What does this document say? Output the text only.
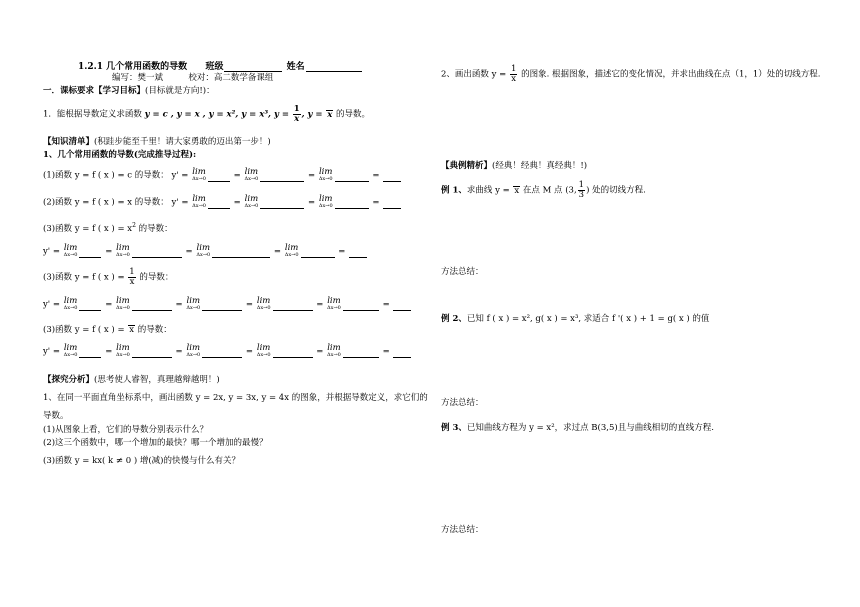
1.2.1 几个常用函数的导数 班级	姓名
编写：樊一斌	校对：高二数学备课组
一．课标要求【学习目标】(目标就是方向!)：
1．能根据导数定义求函数 y = c , y = x , y = x², y = x³, $y = \frac{1}{x}$ , y = x 的导数。
【知识清单】(积跬步能至千里！请大家勇敢的迈出第一步！)
1、几个常用函数的导数(完成推导过程):
(1)函数 y = f ( x ) = c 的导数： y' = lim
Δx→0	= lim
Δx→0	= lim
Δx→0	=
(2)函数 y = f ( x ) = x 的导数： y' = lim
Δx→0	= lim
Δx→0	= lim
Δx→0	=
(3)函数 y = f ( x ) = $x^2$ 的导数：
y' = lim
Δx→0	= lim
Δx→0	= lim
Δx→0	= lim
Δx→0	=
(3)函数 y = f ( x ) = $\frac{1}{x}$ 的导数：
y' = lim
Δx→0	= lim
Δx→0	= lim
Δx→0	= lim
Δx→0	= lim
Δx→0	=
(3)函数 y = f ( x ) = x 的导数：
y' = lim
Δx→0	= lim
Δx→0	= lim
Δx→0	= lim
Δx→0	= lim
Δx→0	=
【探究分析】(思考使人睿智，真理越辩越明！)
1、在同一平面直角坐标系中，画出函数 y = 2x, y = 3x, y = 4x 的图象，并根据导数定义，求它们的
导数。
(1)从图象上看，它们的导数分别表示什么？
(2)这三个函数中，哪一个增加的最快？哪一个增加的最慢？
(3)函数 y = kx( k ≠ 0 ) 增(减)的快慢与什么有关？
2、画出函数 $y = \frac{1}{x}$ 的图象. 根据图象，描述它的变化情况，并求出曲线在点（1，1）处的切线方程.
【典例精析】(经典！经典！真经典！!)
例 1、求曲线 y = x 在点 M 点 (3, $\frac{1}{3}$ ) 处的切线方程.
方法总结：
例 2、已知 f ( x ) = x², g( x ) = x³, 求适合 f '( x ) + 1 = g( x ) 的值
方法总结：
例 3、已知曲线方程为 y = x²，求过点 B(3,5)且与曲线相切的直线方程.
方法总结：
